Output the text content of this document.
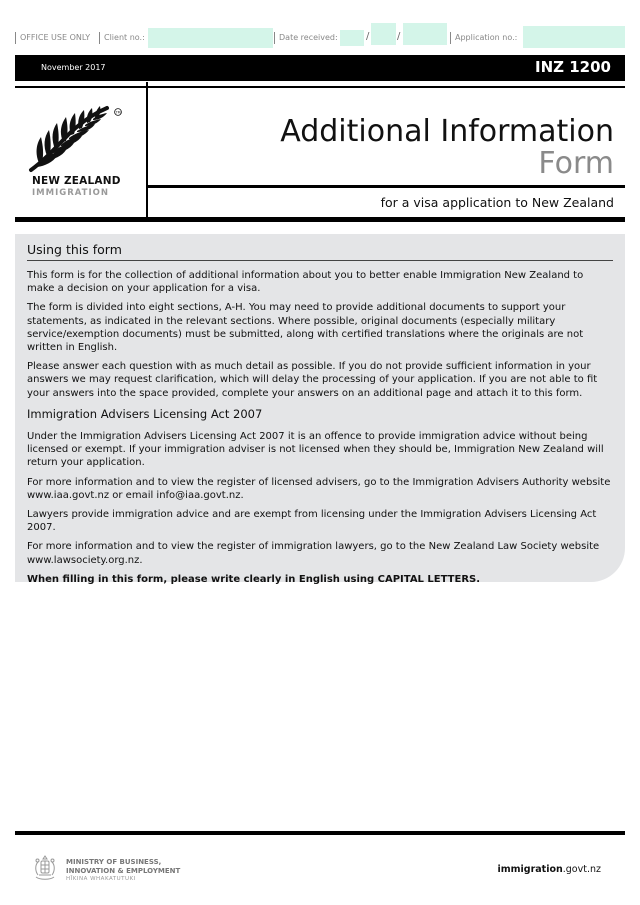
OFFICE USE ONLY Client no.:	Date received:	/	/	Application no.:
November 2017	INZ 1200
TM
NEW ZEALAND
IMMIGRATION
Additional Information
Form
for a visa application to New Zealand
Using this form

This form is for the collection of additional information about you to better enable Immigration New Zealand to make a decision on your application for a visa.

The form is divided into eight sections, A-H. You may need to provide additional documents to support your statements, as indicated in the relevant sections. Where possible, original documents (especially military service/exemption documents) must be submitted, along with certified translations where the originals are not written in English.

Please answer each question with as much detail as possible. If you do not provide sufficient information in your answers we may request clarification, which will delay the processing of your application. If you are not able to fit your answers into the space provided, complete your answers on an additional page and attach it to this form.

Immigration Advisers Licensing Act 2007

Under the Immigration Advisers Licensing Act 2007 it is an offence to provide immigration advice without being licensed or exempt. If your immigration adviser is not licensed when they should be, Immigration New Zealand will return your application.

For more information and to view the register of licensed advisers, go to the Immigration Advisers Authority website www.iaa.govt.nz or email info@iaa.govt.nz.

Lawyers provide immigration advice and are exempt from licensing under the Immigration Advisers Licensing Act 2007.

For more information and to view the register of immigration lawyers, go to the New Zealand Law Society website www.lawsociety.org.nz.

When filling in this form, please write clearly in English using CAPITAL LETTERS.

MINISTRY OF BUSINESS,
INNOVATION & EMPLOYMENT
HĪKINA WHAKATUTUKI
immigration.govt.nz
